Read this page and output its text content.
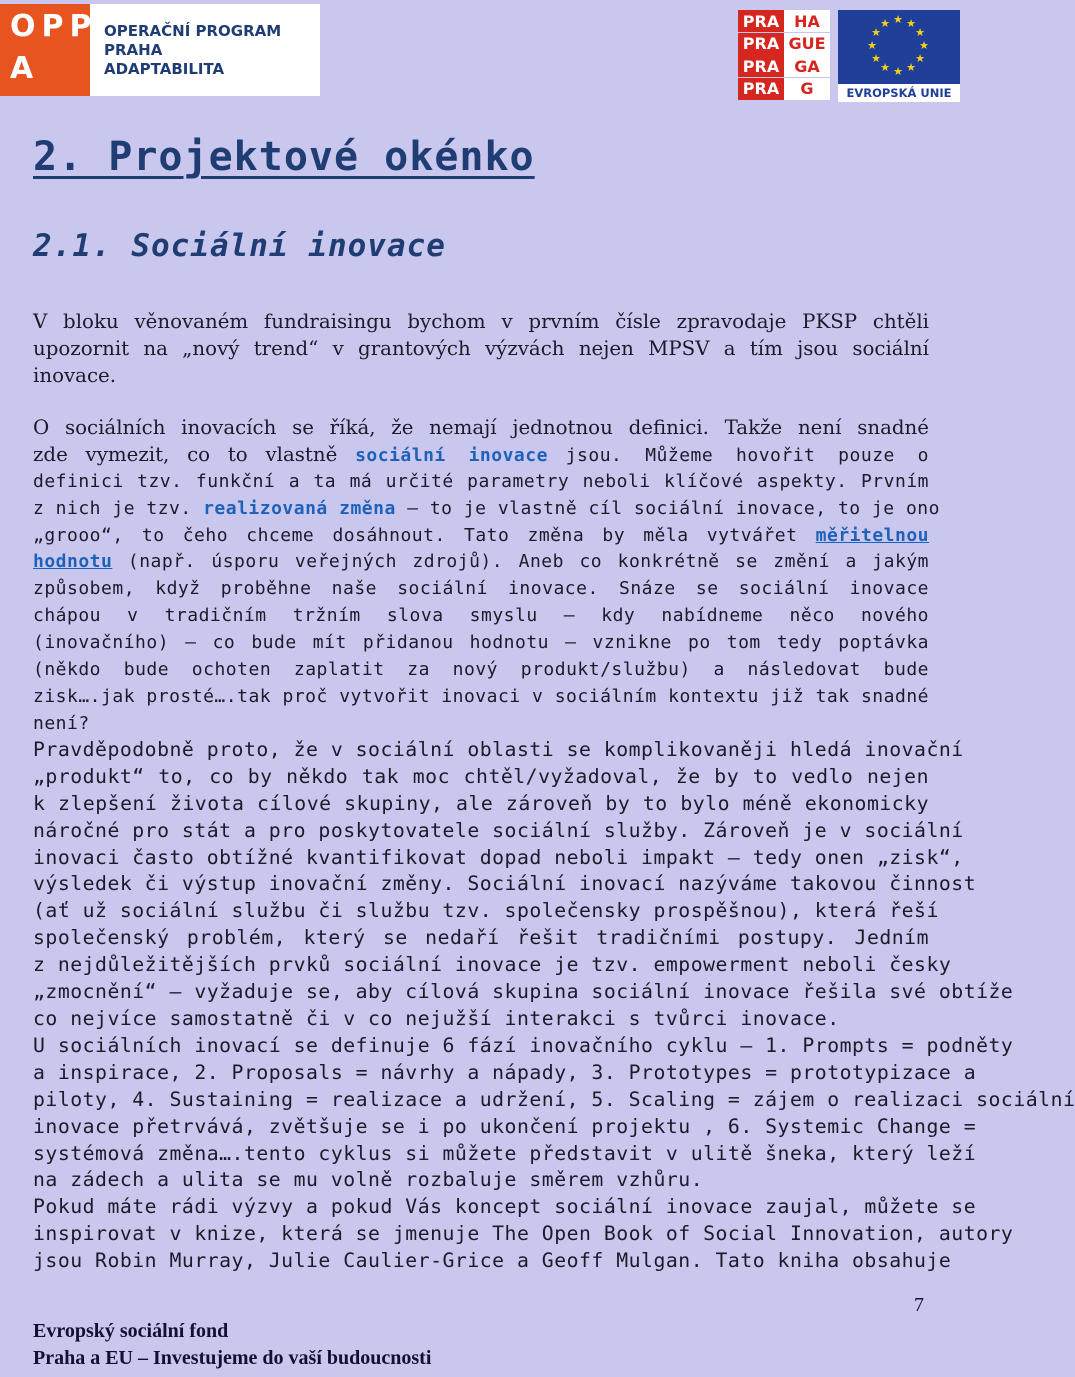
OPP
A
OPERAČNÍ PROGRAM PRAHA
ADAPTABILITA
PRA HA
PRA GUE
PRA GA
PRA	G
★ ★
★
★
★
★
★
★
★
★
★
★
EVROPSKÁ UNIE
2. Projektové okénko
2.1. Sociální inovace
V bloku věnovaném fundraisingu bychom v prvním čísle zpravodaje PKSP chtěli
upozornit na „nový trend“ v grantových výzvách nejen MPSV a tím jsou sociální
inovace.
O sociálních inovacích se říká, že nemají jednotnou definici. Takže není snadné
zde vymezit, co to vlastně sociální inovace jsou. Můžeme hovořit pouze o
definici tzv. funkční a ta má určité parametry neboli klíčové aspekty. Prvním
z nich je tzv. realizovaná změna – to je vlastně cíl sociální inovace, to je ono
„grooo“, to čeho chceme dosáhnout. Tato změna by měla vytvářet měřitelnou
hodnotu (např. úsporu veřejných zdrojů). Aneb co konkrétně se změní a jakým
způsobem, když proběhne naše sociální inovace. Snáze se sociální inovace
chápou v tradičním tržním slova smyslu – kdy nabídneme něco nového
(inovačního) – co bude mít přidanou hodnotu – vznikne po tom tedy poptávka
(někdo bude ochoten zaplatit za nový produkt/službu) a následovat bude
zisk….jak prosté….tak proč vytvořit inovaci v sociálním kontextu již tak snadné
není?
Pravděpodobně proto, že v sociální oblasti se komplikovaněji hledá inovační
„produkt“ to, co by někdo tak moc chtěl/vyžadoval, že by to vedlo nejen
k zlepšení života cílové skupiny, ale zároveň by to bylo méně ekonomicky
náročné pro stát a pro poskytovatele sociální služby. Zároveň je v sociální
inovaci často obtížné kvantifikovat dopad neboli impakt – tedy onen „zisk“,
výsledek či výstup inovační změny. Sociální inovací nazýváme takovou činnost
(ať už sociální službu či službu tzv. společensky prospěšnou), která řeší
společenský problém, který se nedaří řešit tradičními postupy. Jedním
z nejdůležitějších prvků sociální inovace je tzv. empowerment neboli česky
„zmocnění“ – vyžaduje se, aby cílová skupina sociální inovace řešila své obtíže
co nejvíce samostatně či v co nejužší interakci s tvůrci inovace.
U sociálních inovací se definuje 6 fází inovačního cyklu – 1. Prompts = podněty
a inspirace, 2. Proposals = návrhy a nápady, 3. Prototypes = prototypizace a
piloty, 4. Sustaining = realizace a udržení, 5. Scaling = zájem o realizaci sociální
inovace přetrvává, zvětšuje se i po ukončení projektu , 6. Systemic Change =
systémová změna….tento cyklus si můžete představit v ulitě šneka, který leží
na zádech a ulita se mu volně rozbaluje směrem vzhůru.
Pokud máte rádi výzvy a pokud Vás koncept sociální inovace zaujal, můžete se
inspirovat v knize, která se jmenuje The Open Book of Social Innovation, autory
jsou Robin Murray, Julie Caulier-Grice a Geoff Mulgan. Tato kniha obsahuje
7
Evropský sociální fond
Praha a EU – Investujeme do vaší budoucnosti
